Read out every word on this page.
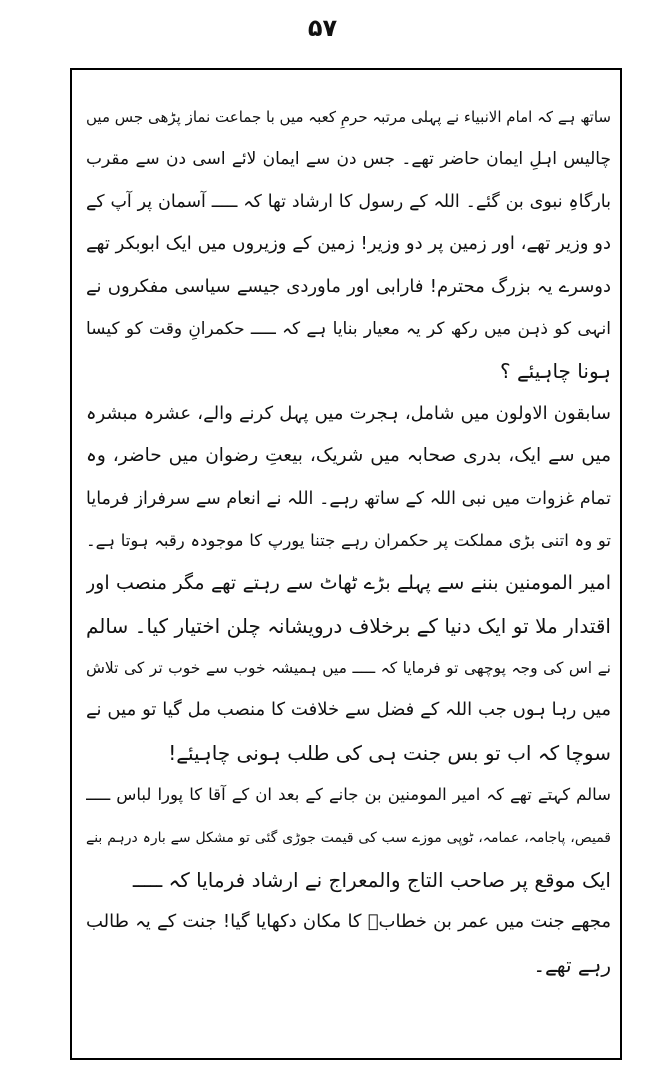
۵۷
ساتھ ہے کہ امام الانبیاء نے پہلی مرتبہ حرمِ کعبہ میں با جماعت نماز پڑھی جس میں
چالیس اہلِ ایمان حاضر تھے۔ جس دن سے ایمان لائے اسی دن سے مقرب
بارگاہِ نبوی بن گئے۔ اللہ کے رسول کا ارشاد تھا کہ ـــــ آسمان پر آپ کے
دو وزیر تھے، اور زمین پر دو وزیر! زمین کے وزیروں میں ایک ابوبکر تھے
دوسرے یہ بزرگ محترم! فارابی اور ماوردی جیسے سیاسی مفکروں نے
انہی کو ذہن میں رکھ کر یہ معیار بنایا ہے کہ ـــــ حکمرانِ وقت کو کیسا
ہونا چاہیئے ؟
سابقون الاولون میں شامل، ہجرت میں پہل کرنے والے، عشرہ مبشرہ
میں سے ایک، بدری صحابہ میں شریک، بیعتِ رضوان میں حاضر، وہ
تمام غزوات میں نبی اللہ کے ساتھ رہے۔ اللہ نے انعام سے سرفراز فرمایا
تو وہ اتنی بڑی مملکت پر حکمران رہے جتنا یورپ کا موجودہ رقبہ ہوتا ہے۔
امیر المومنین بننے سے پہلے بڑے ٹھاٹ سے رہتے تھے مگر منصب اور
اقتدار ملا تو ایک دنیا کے برخلاف درویشانہ چلن اختیار کیا۔ سالم
نے اس کی وجہ پوچھی تو فرمایا کہ ـــــ میں ہمیشہ خوب سے خوب تر کی تلاش
میں رہا ہوں جب اللہ کے فضل سے خلافت کا منصب مل گیا تو میں نے
سوچا کہ اب تو بس جنت ہی کی طلب ہونی چاہیئے!
سالم کہتے تھے کہ امیر المومنین بن جانے کے بعد ان کے آقا کا پورا لباس ـــــ
قمیص، پاجامہ، عمامہ، ٹوپی موزے سب کی قیمت جوڑی گئی تو مشکل سے بارہ درہم بنے
ایک موقع پر صاحب التاج والمعراج نے ارشاد فرمایا کہ ـــــ
مجھے جنت میں عمر بن خطابؓ کا مکان دکھایا گیا! جنت کے یہ طالب
رہے تھے۔
